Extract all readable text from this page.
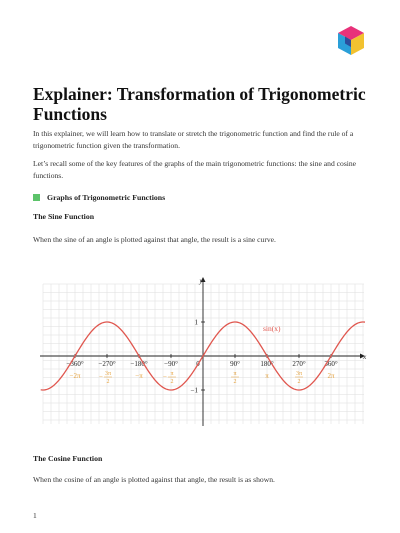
Explainer: Transformation of Trigonometric Functions

In this explainer, we will learn how to translate or stretch the trigonometric function and find the rule of a trigonometric function given the transformation.

Let’s recall some of the key features of the graphs of the main trigonometric functions: the sine and cosine functions.

Graphs of Trigonometric Functions
The Sine Function

When the sine of an angle is plotted against that angle, the result is a sine curve.

−360°
−2π
−270°
− 3π
2
−180°
−π
−90°
− π
2
0	90°
π
2
180°
π
270°
3π
2
360°
2π
1
−1
sin(x)
x
y
The Cosine Function

When the cosine of an angle is plotted against that angle, the result is as shown.

1
